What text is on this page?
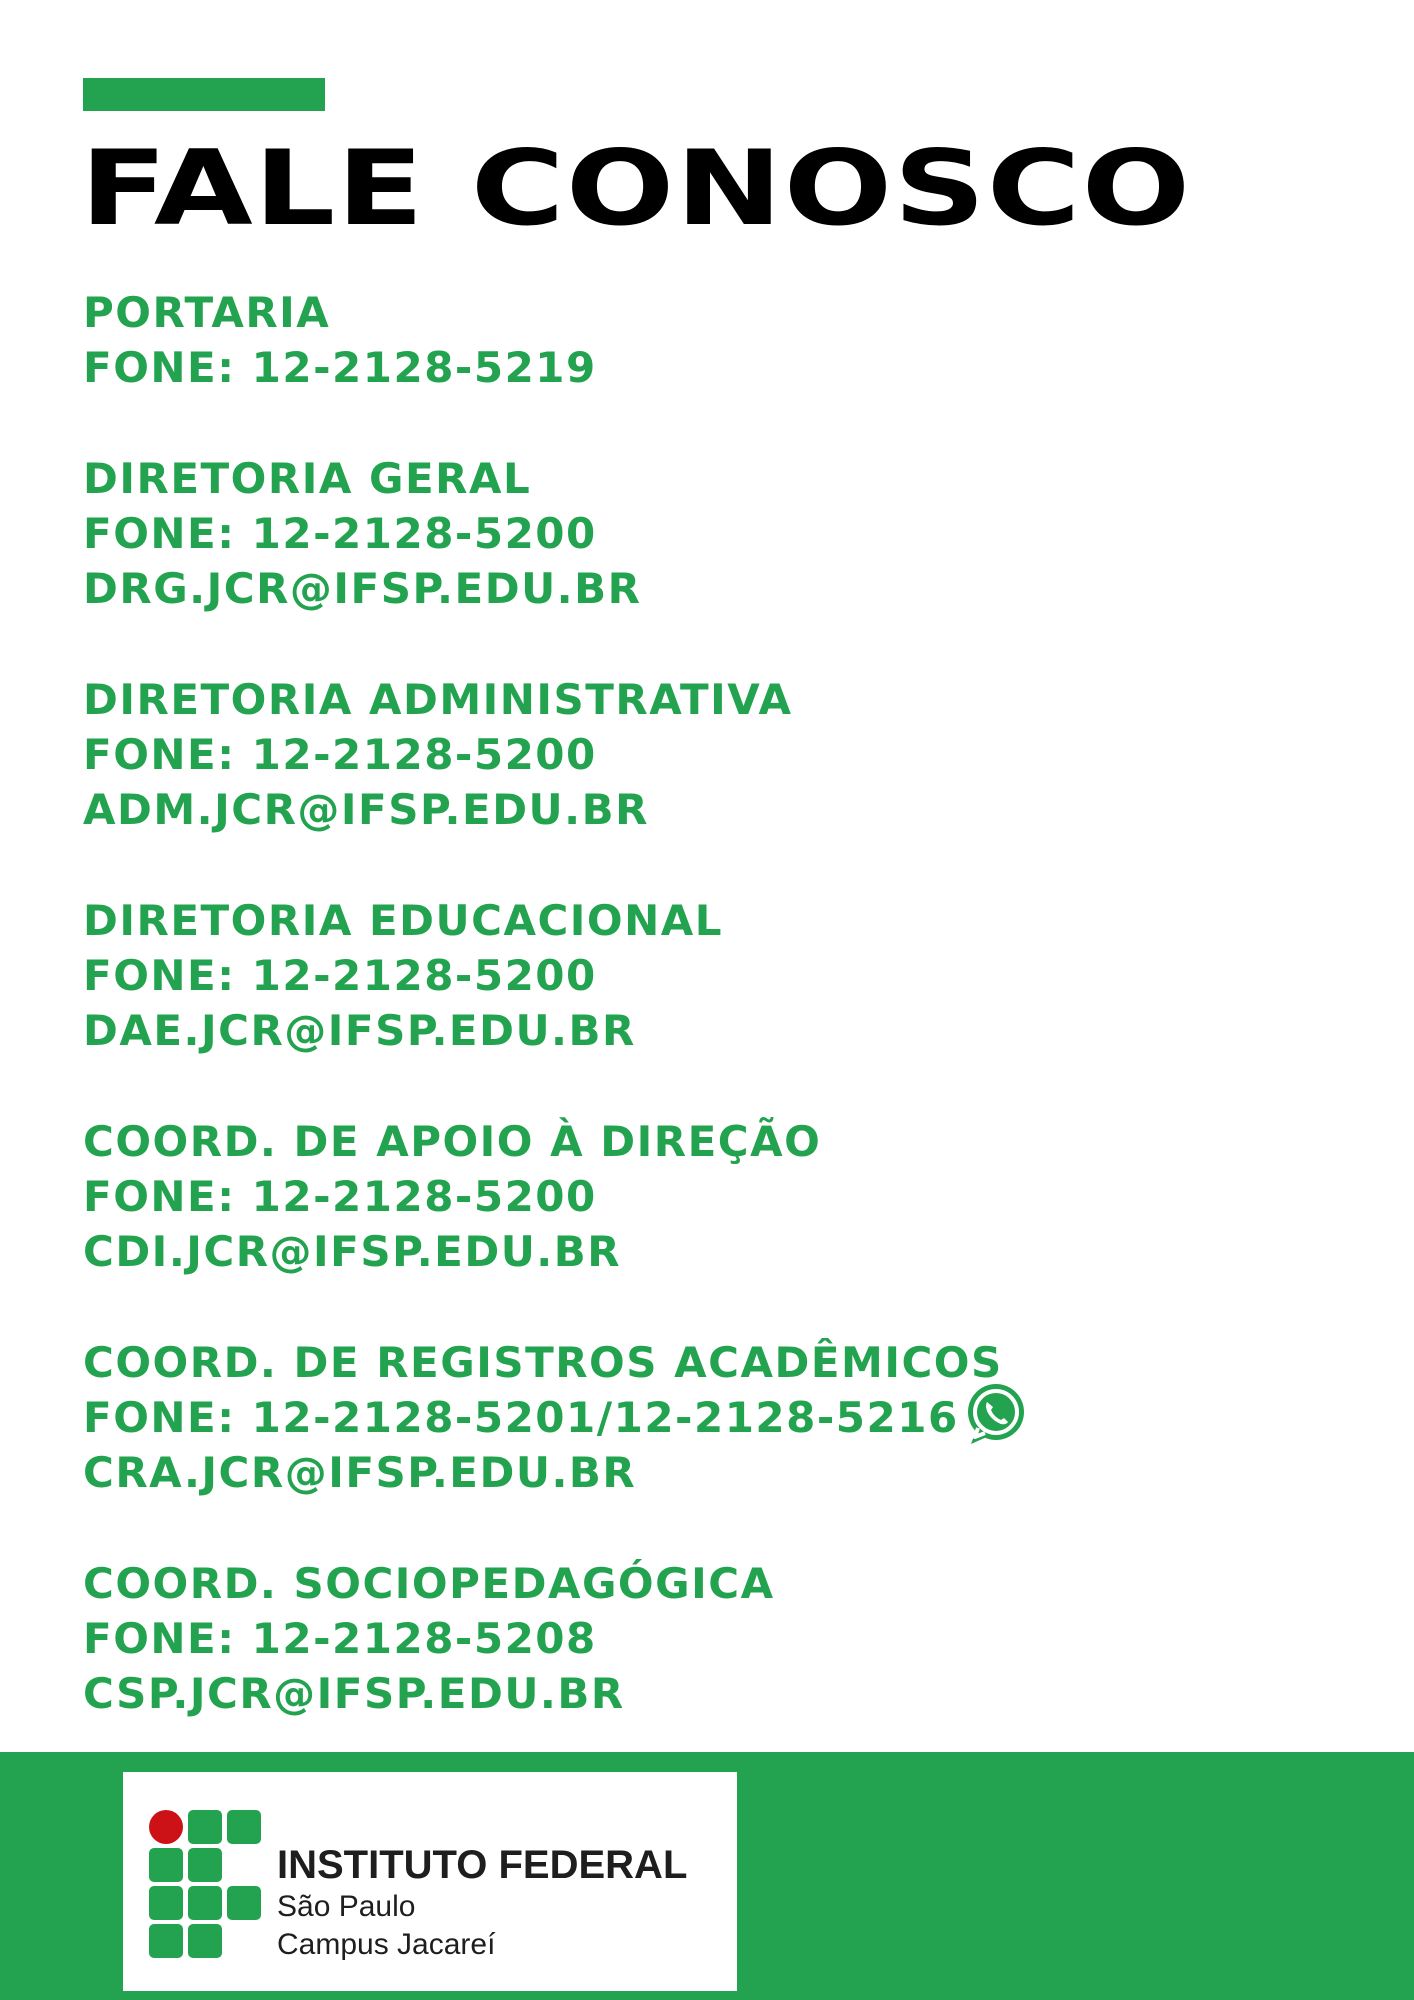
FALE CONOSCO
PORTARIA
FONE: 12-2128-5219
DIRETORIA GERAL
FONE: 12-2128-5200
DRG.JCR@IFSP.EDU.BR
DIRETORIA ADMINISTRATIVA
FONE: 12-2128-5200
ADM.JCR@IFSP.EDU.BR
DIRETORIA EDUCACIONAL
FONE: 12-2128-5200
DAE.JCR@IFSP.EDU.BR
COORD. DE APOIO À DIREÇÃO
FONE: 12-2128-5200
CDI.JCR@IFSP.EDU.BR
COORD. DE REGISTROS ACADÊMICOS
FONE: 12-2128-5201/12-2128-5216
CRA.JCR@IFSP.EDU.BR
COORD. SOCIOPEDAGÓGICA
FONE: 12-2128-5208
CSP.JCR@IFSP.EDU.BR
INSTITUTO FEDERAL
São Paulo
Campus Jacareí
